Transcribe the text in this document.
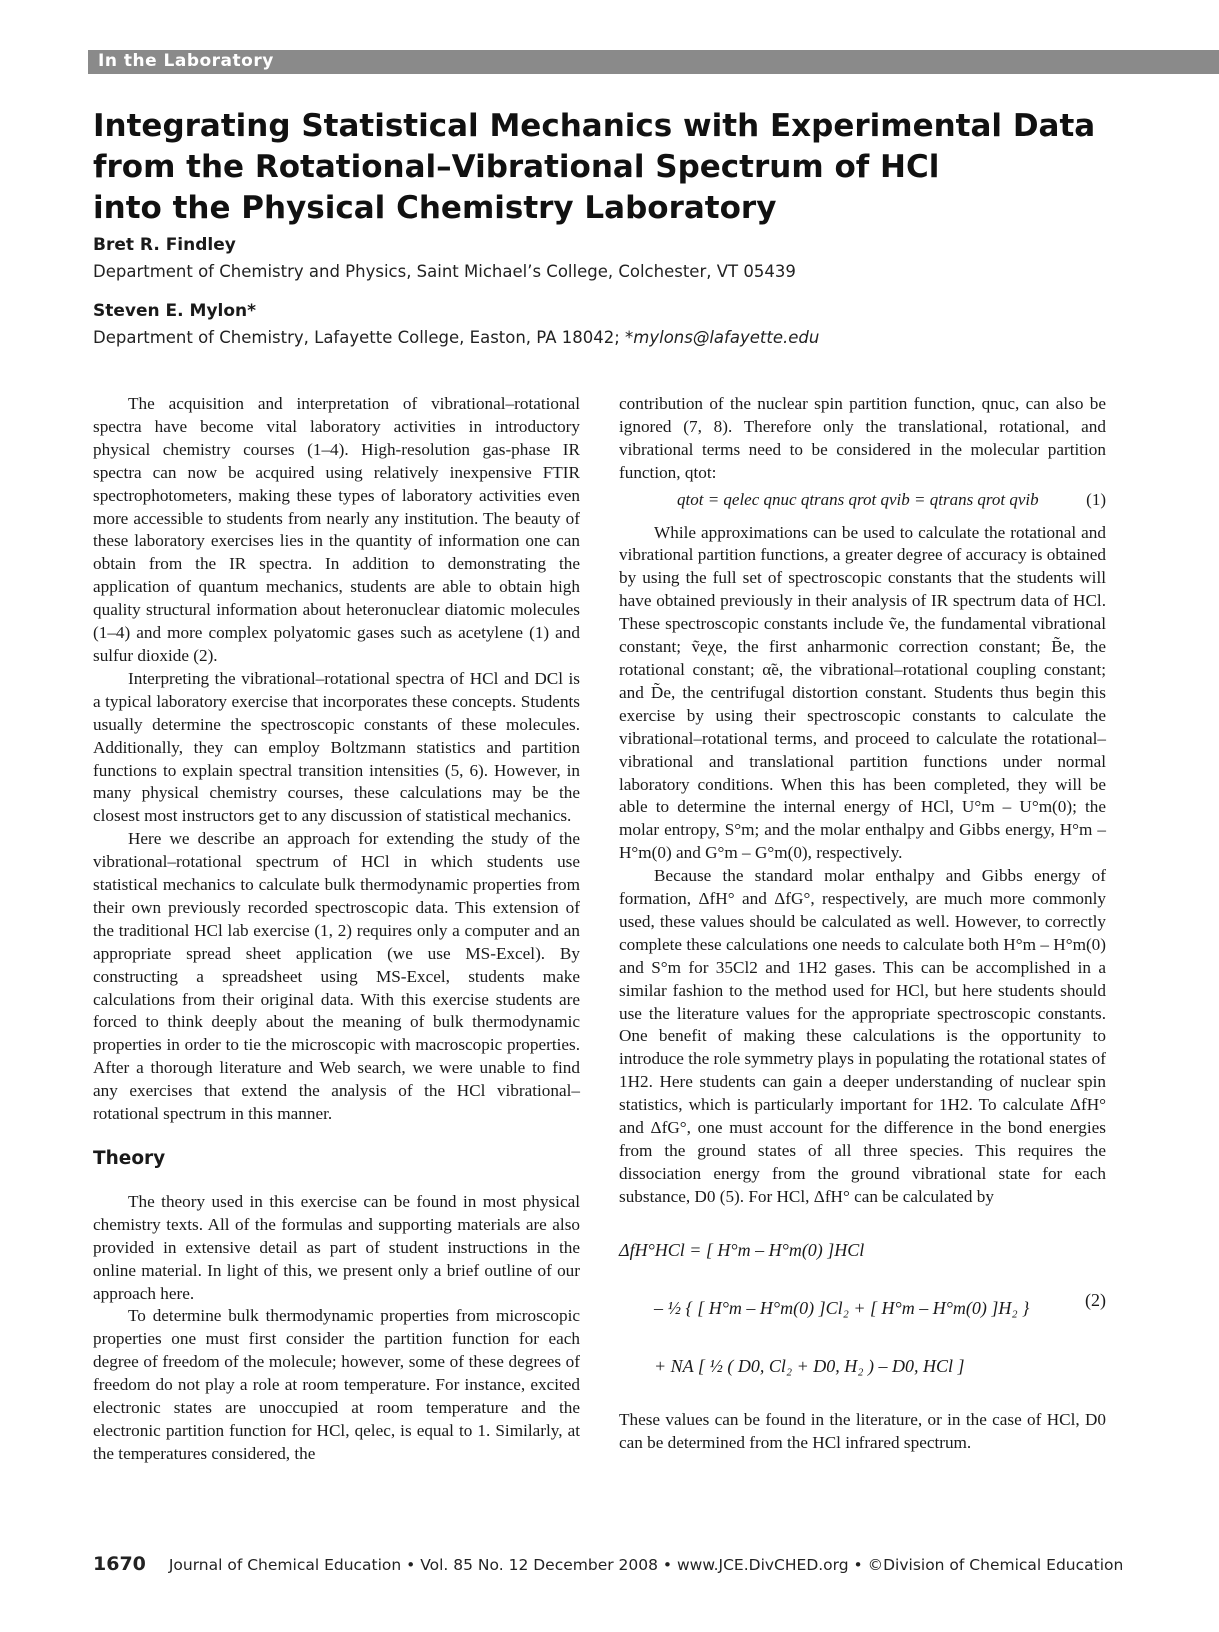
In the Laboratory
Integrating Statistical Mechanics with Experimental Data
from the Rotational–Vibrational Spectrum of HCl
into the Physical Chemistry Laboratory

Bret R. Findley

Department of Chemistry and Physics, Saint Michael’s College, Colchester, VT 05439

Steven E. Mylon*

Department of Chemistry, Lafayette College, Easton, PA 18042; *mylons@lafayette.edu

The acquisition and interpretation of vibrational–rotational spectra have become vital laboratory activities in introductory physical chemistry courses (1–4). High-resolution gas-phase IR spectra can now be acquired using relatively inexpensive FTIR spectrophotometers, making these types of laboratory activities even more accessible to students from nearly any institution. The beauty of these laboratory exercises lies in the quantity of information one can obtain from the IR spectra. In addition to demonstrating the application of quantum mechanics, students are able to obtain high quality structural information about heteronuclear diatomic molecules (1–4) and more complex polyatomic gases such as acetylene (1) and sulfur dioxide (2).

Interpreting the vibrational–rotational spectra of HCl and DCl is a typical laboratory exercise that incorporates these concepts. Students usually determine the spectroscopic constants of these molecules. Additionally, they can employ Boltzmann statistics and partition functions to explain spectral transition intensities (5, 6). However, in many physical chemistry courses, these calculations may be the closest most instructors get to any discussion of statistical mechanics.

Here we describe an approach for extending the study of the vibrational–rotational spectrum of HCl in which students use statistical mechanics to calculate bulk thermodynamic properties from their own previously recorded spectroscopic data. This extension of the traditional HCl lab exercise (1, 2) requires only a computer and an appropriate spread sheet application (we use MS-Excel). By constructing a spreadsheet using MS-Excel, students make calculations from their original data. With this exercise students are forced to think deeply about the meaning of bulk thermodynamic properties in order to tie the microscopic with macroscopic properties. After a thorough literature and Web search, we were unable to find any exercises that extend the analysis of the HCl vibrational–rotational spectrum in this manner.

Theory

The theory used in this exercise can be found in most physical chemistry texts. All of the formulas and supporting materials are also provided in extensive detail as part of student instructions in the online material. In light of this, we present only a brief outline of our approach here.

To determine bulk thermodynamic properties from microscopic properties one must first consider the partition function for each degree of freedom of the molecule; however, some of these degrees of freedom do not play a role at room temperature. For instance, excited electronic states are unoccupied at room temperature and the electronic partition function for HCl, qelec, is equal to 1. Similarly, at the temperatures considered, the

contribution of the nuclear spin partition function, qnuc, can also be ignored (7, 8). Therefore only the translational, rotational, and vibrational terms need to be considered in the molecular partition function, qtot:

qtot = qelec qnuc qtrans qrot qvib = qtrans qrot qvib	(1)

While approximations can be used to calculate the rotational and vibrational partition functions, a greater degree of accuracy is obtained by using the full set of spectroscopic constants that the students will have obtained previously in their analysis of IR spectrum data of HCl. These spectroscopic constants include ṽe, the fundamental vibrational constant; ṽeχe, the first anharmonic correction constant; B̃e, the rotational constant; α̃e, the vibrational–rotational coupling constant; and D̃e, the centrifugal distortion constant. Students thus begin this exercise by using their spectroscopic constants to calculate the vibrational–rotational terms, and proceed to calculate the rotational–vibrational and translational partition functions under normal laboratory conditions. When this has been completed, they will be able to determine the internal energy of HCl, U°m – U°m(0); the molar entropy, S°m; and the molar enthalpy and Gibbs energy, H°m – H°m(0) and G°m – G°m(0), respectively.

Because the standard molar enthalpy and Gibbs energy of formation, ΔfH° and ΔfG°, respectively, are much more commonly used, these values should be calculated as well. However, to correctly complete these calculations one needs to calculate both H°m – H°m(0) and S°m for 35Cl2 and 1H2 gases. This can be accomplished in a similar fashion to the method used for HCl, but here students should use the literature values for the appropriate spectroscopic constants. One benefit of making these calculations is the opportunity to introduce the role symmetry plays in populating the rotational states of 1H2. Here students can gain a deeper understanding of nuclear spin statistics, which is particularly important for 1H2. To calculate ΔfH° and ΔfG°, one must account for the difference in the bond energies from the ground states of all three species. This requires the dissociation energy from the ground vibrational state for each substance, D0 (5). For HCl, ΔfH° can be calculated by

ΔfH°HCl = [ H°m – H°m(0) ]HCl
– ½ { [ H°m – H°m(0) ]Cl₂ + [ H°m – H°m(0) ]H₂ }
+ NA [ ½ ( D0, Cl₂ + D0, H₂ ) – D0, HCl ]
(2)

These values can be found in the literature, or in the case of HCl, D0 can be determined from the HCl infrared spectrum.

1670 Journal of Chemical Education • Vol. 85 No. 12 December 2008 • www.JCE.DivCHED.org • ©Division of Chemical Education
